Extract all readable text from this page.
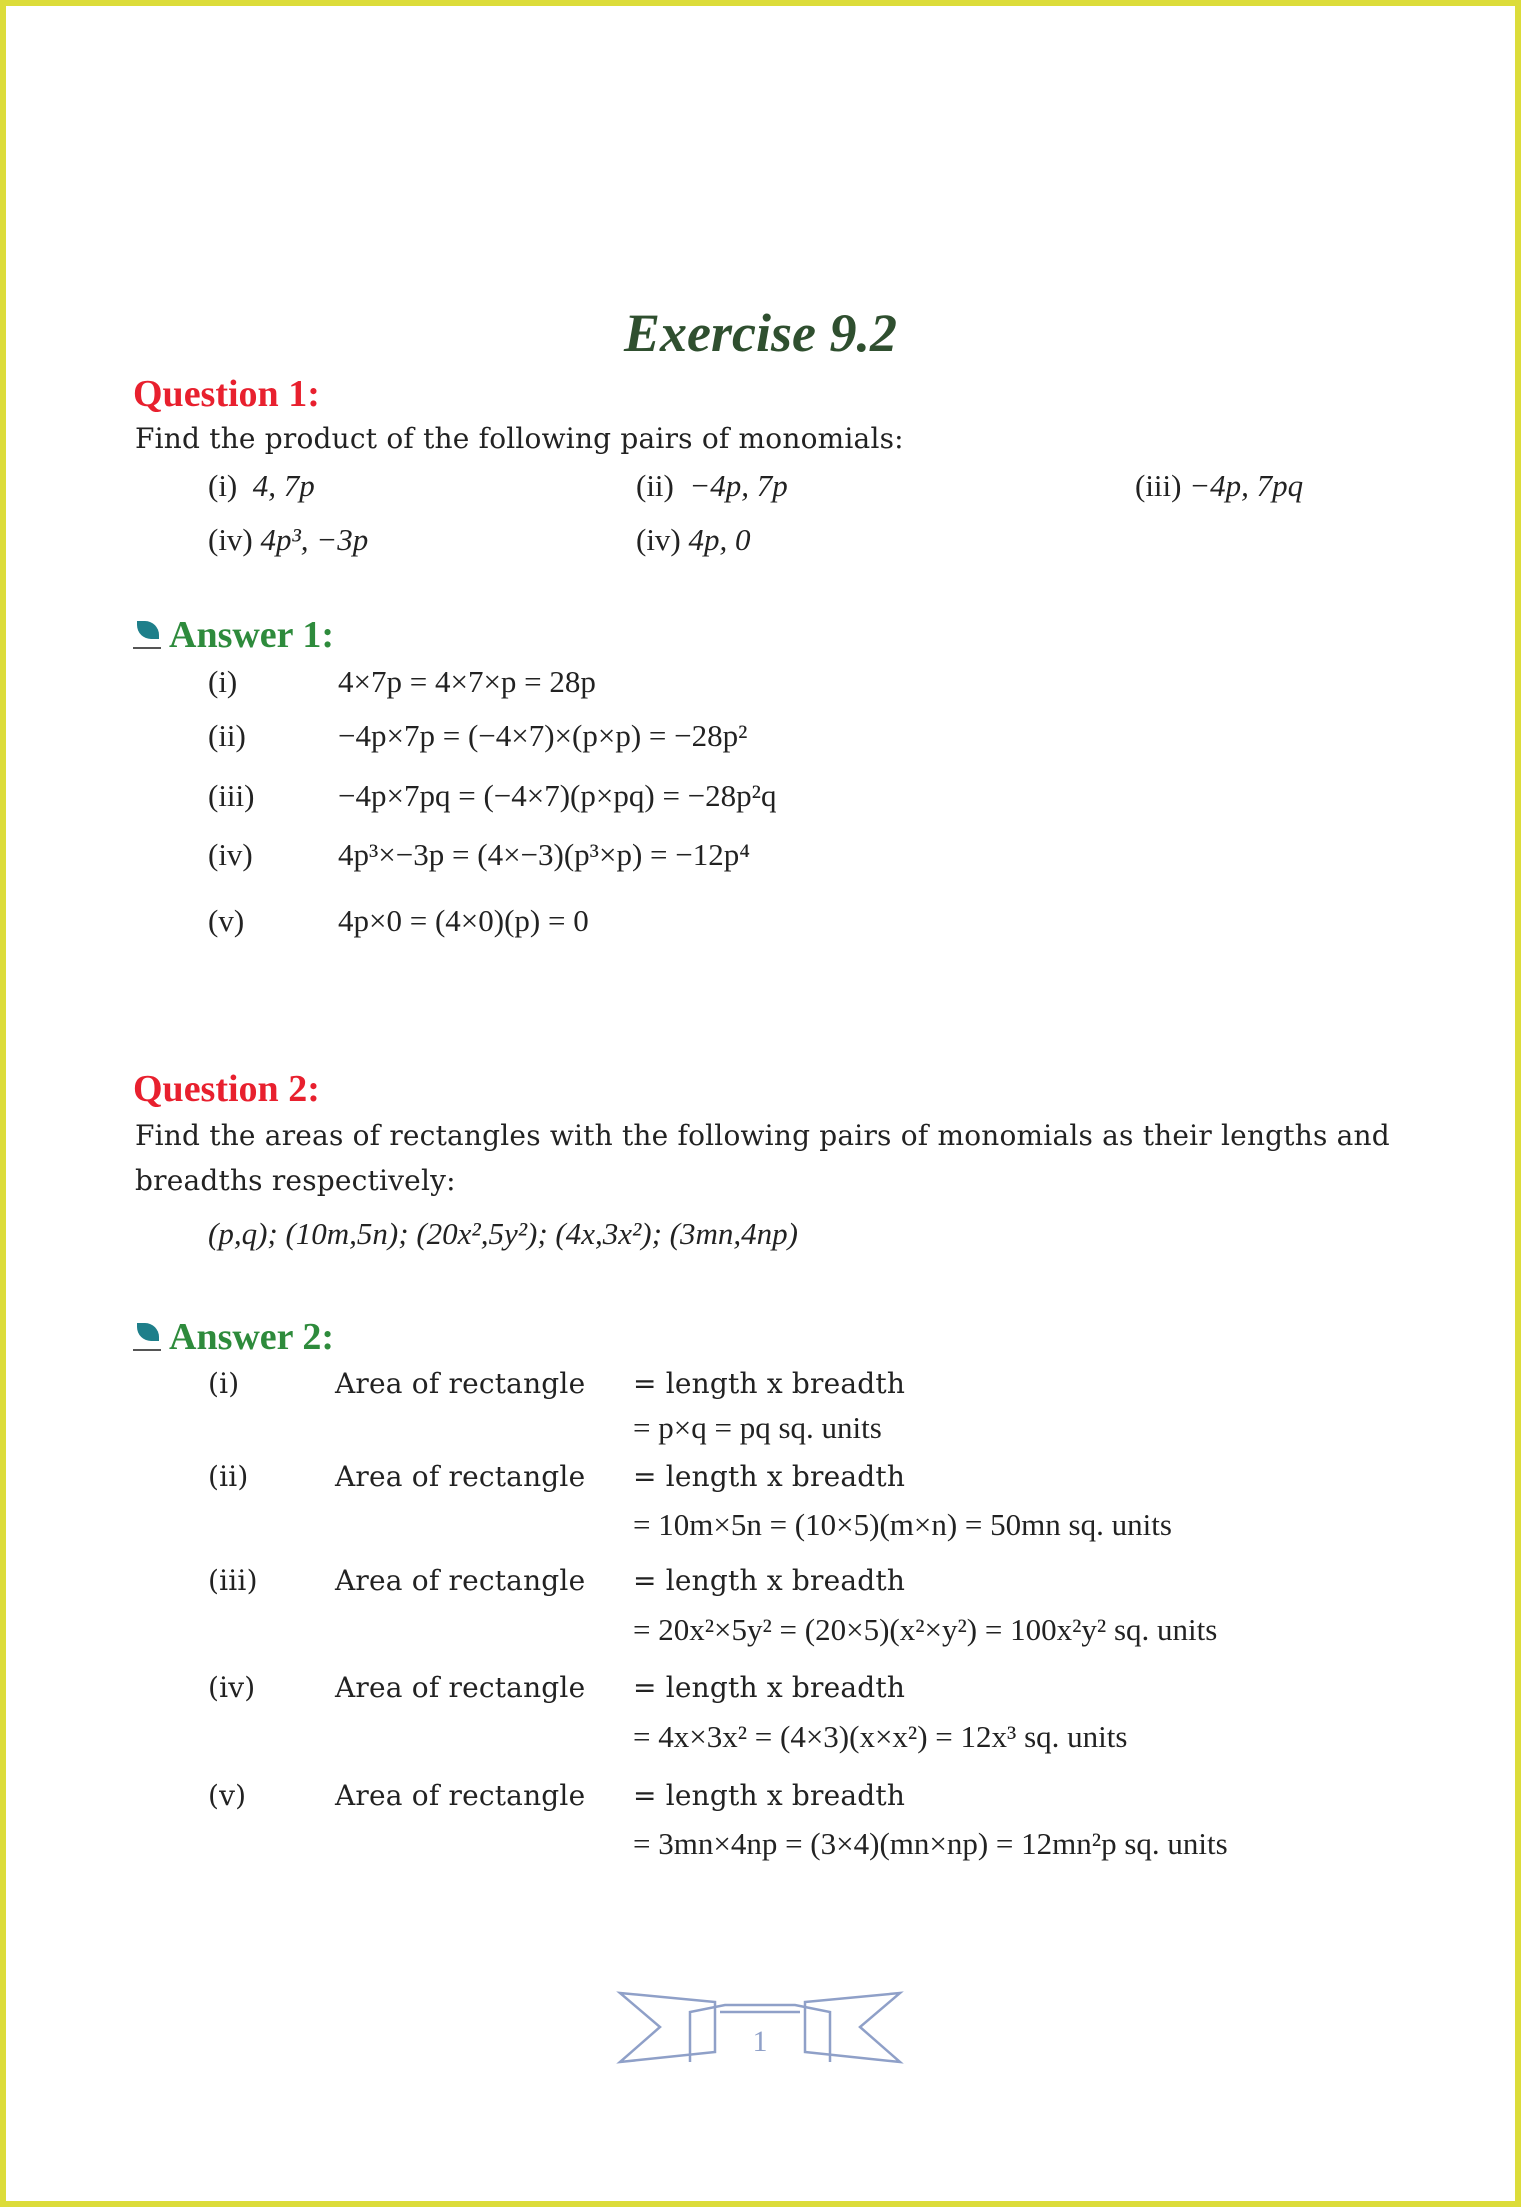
Exercise 9.2
Question 1:
Find the product of the following pairs of monomials:
(i) 4, 7p	(ii) −4p, 7p	(iii) −4p, 7pq
(iv) 4p³, −3p	(iv) 4p, 0
Answer 1:
(i)	4×7p = 4×7×p = 28p
(ii)	−4p×7p = (−4×7)×(p×p) = −28p²
(iii)	−4p×7pq = (−4×7)(p×pq) = −28p²q
(iv)	4p³×−3p = (4×−3)(p³×p) = −12p⁴
(v)	4p×0 = (4×0)(p) = 0
Question 2:
Find the areas of rectangles with the following pairs of monomials as their lengths and
breadths respectively:
(p,q); (10m,5n); (20x²,5y²); (4x,3x²); (3mn,4np)
Answer 2:
(i)	Area of rectangle = length x breadth
= p×q = pq sq. units
(ii)	Area of rectangle = length x breadth
= 10m×5n = (10×5)(m×n) = 50mn sq. units
(iii)	Area of rectangle = length x breadth
= 20x²×5y² = (20×5)(x²×y²) = 100x²y² sq. units
(iv)	Area of rectangle = length x breadth
= 4x×3x² = (4×3)(x×x²) = 12x³ sq. units
(v)	Area of rectangle = length x breadth
= 3mn×4np = (3×4)(mn×np) = 12mn²p sq. units
1
